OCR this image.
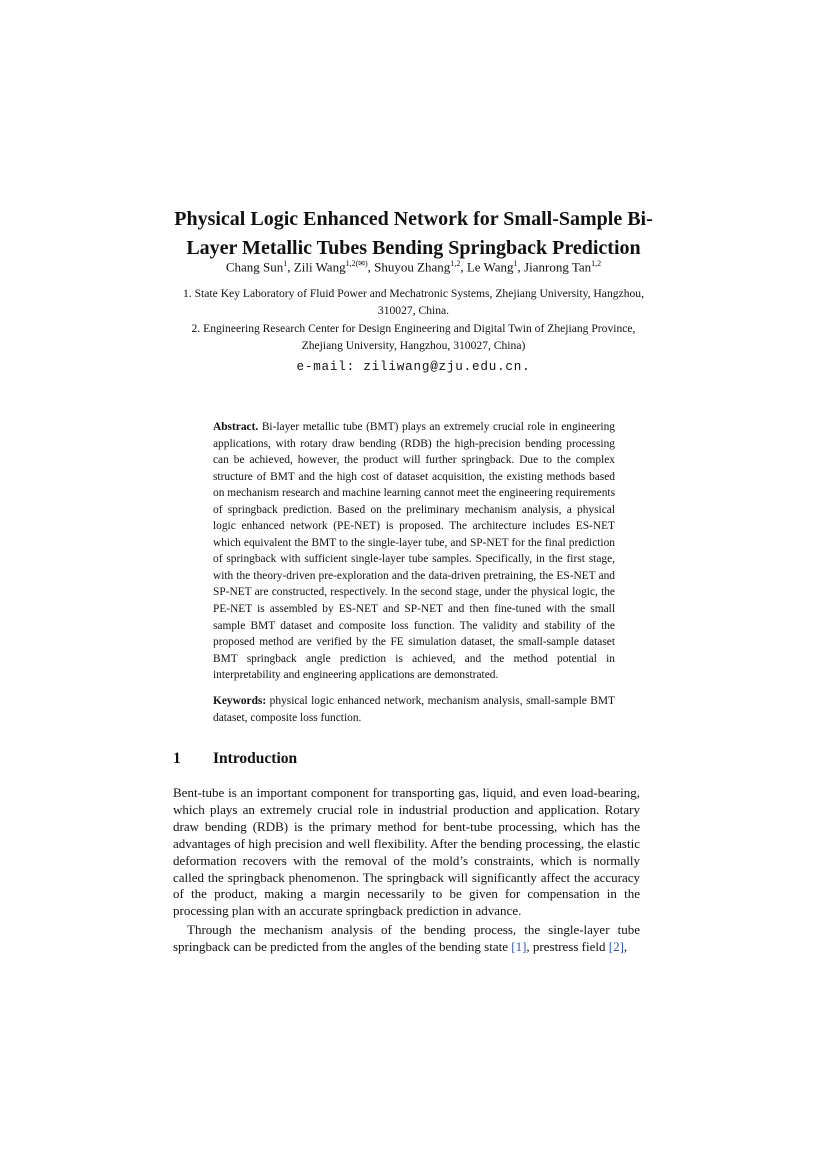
Physical Logic Enhanced Network for Small-Sample Bi-Layer Metallic Tubes Bending Springback Prediction
Chang Sun$^1$, Zili Wang$^{1,2(✉)}$, Shuyou Zhang$^{1,2}$, Le Wang$^1$, Jianrong Tan$^{1,2}$
1. State Key Laboratory of Fluid Power and Mechatronic Systems, Zhejiang University, Hangzhou, 310027, China.
2. Engineering Research Center for Design Engineering and Digital Twin of Zhejiang Province, Zhejiang University, Hangzhou, 310027, China)
e-mail: ziliwang@zju.edu.cn.
Abstract. Bi-layer metallic tube (BMT) plays an extremely crucial role in engineering applications, with rotary draw bending (RDB) the high-precision bending processing can be achieved, however, the product will further springback. Due to the complex structure of BMT and the high cost of dataset acquisition, the existing methods based on mechanism research and machine learning cannot meet the engineering requirements of springback prediction. Based on the preliminary mechanism analysis, a physical logic enhanced network (PE-NET) is proposed. The architecture includes ES-NET which equivalent the BMT to the single-layer tube, and SP-NET for the final prediction of springback with sufficient single-layer tube samples. Specifically, in the first stage, with the theory-driven pre-exploration and the data-driven pretraining, the ES-NET and SP-NET are constructed, respectively. In the second stage, under the physical logic, the PE-NET is assembled by ES-NET and SP-NET and then fine-tuned with the small sample BMT dataset and composite loss function. The validity and stability of the proposed method are verified by the FE simulation dataset, the small-sample dataset BMT springback angle prediction is achieved, and the method potential in interpretability and engineering applications are demonstrated.
Keywords: physical logic enhanced network, mechanism analysis, small-sample BMT dataset, composite loss function.
1 Introduction
Bent-tube is an important component for transporting gas, liquid, and even load-bearing, which plays an extremely crucial role in industrial production and application. Rotary draw bending (RDB) is the primary method for bent-tube processing, which has the advantages of high precision and well flexibility. After the bending processing, the elastic deformation recovers with the removal of the mold’s constraints, which is normally called the springback phenomenon. The springback will significantly affect the accuracy of the product, making a margin necessarily to be given for compensation in the processing plan with an accurate springback prediction in advance.
Through the mechanism analysis of the bending process, the single-layer tube springback can be predicted from the angles of the bending state [1], prestress field [2],
